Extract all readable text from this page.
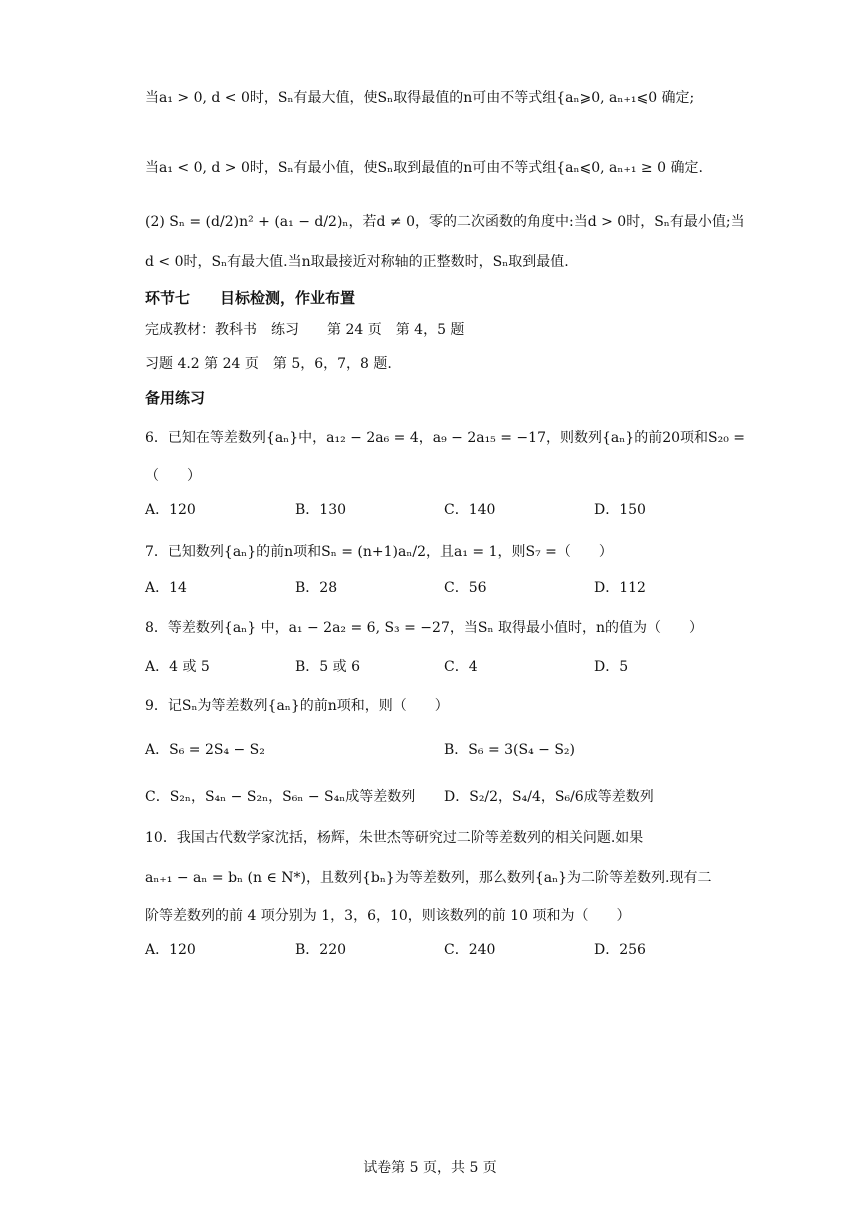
当a₁ > 0, d < 0时，Sₙ有最大值，使Sₙ取得最值的n可由不等式组{aₙ⩾0, aₙ₊₁⩽0 确定;
当a₁ < 0, d > 0时，Sₙ有最小值，使Sₙ取到最值的n可由不等式组{aₙ⩽0, aₙ₊₁ ≥ 0 确定.
(2) Sₙ = (d/2)n² + (a₁ − d/2)ₙ，若d ≠ 0，零的二次函数的角度中:当d > 0时，Sₙ有最小值;当
d < 0时，Sₙ有最大值.当n取最接近对称轴的正整数时，Sₙ取到最值.
环节七　　目标检测，作业布置
完成教材：教科书　练习　　第 24 页　第 4，5 题
习题 4.2 第 24 页　第 5，6，7，8 题.
备用练习
6．已知在等差数列{aₙ}中，a₁₂ − 2a₆ = 4，a₉ − 2a₁₅ = −17，则数列{aₙ}的前20项和S₂₀ =
（　　）
A．120	B．130	C．140	D．150
7．已知数列{aₙ}的前n项和Sₙ = (n+1)aₙ/2，且a₁ = 1，则S₇ =（　　）
A．14	B．28	C．56	D．112
8．等差数列{aₙ} 中，a₁ − 2a₂ = 6, S₃ = −27，当Sₙ 取得最小值时，n的值为（　　）
A．4 或 5	B．5 或 6	C．4	D．5
9．记Sₙ为等差数列{aₙ}的前n项和，则（　　）
A．S₆ = 2S₄ − S₂	B．S₆ = 3(S₄ − S₂)
C．S₂ₙ，S₄ₙ − S₂ₙ，S₆ₙ − S₄ₙ成等差数列 D．S₂/2，S₄/4，S₆/6成等差数列
10．我国古代数学家沈括，杨辉，朱世杰等研究过二阶等差数列的相关问题.如果
aₙ₊₁ − aₙ = bₙ (n ∈ N*)，且数列{bₙ}为等差数列，那么数列{aₙ}为二阶等差数列.现有二
阶等差数列的前 4 项分别为 1，3，6，10，则该数列的前 10 项和为（　　）
A．120	B．220	C．240	D．256
试卷第 5 页，共 5 页
